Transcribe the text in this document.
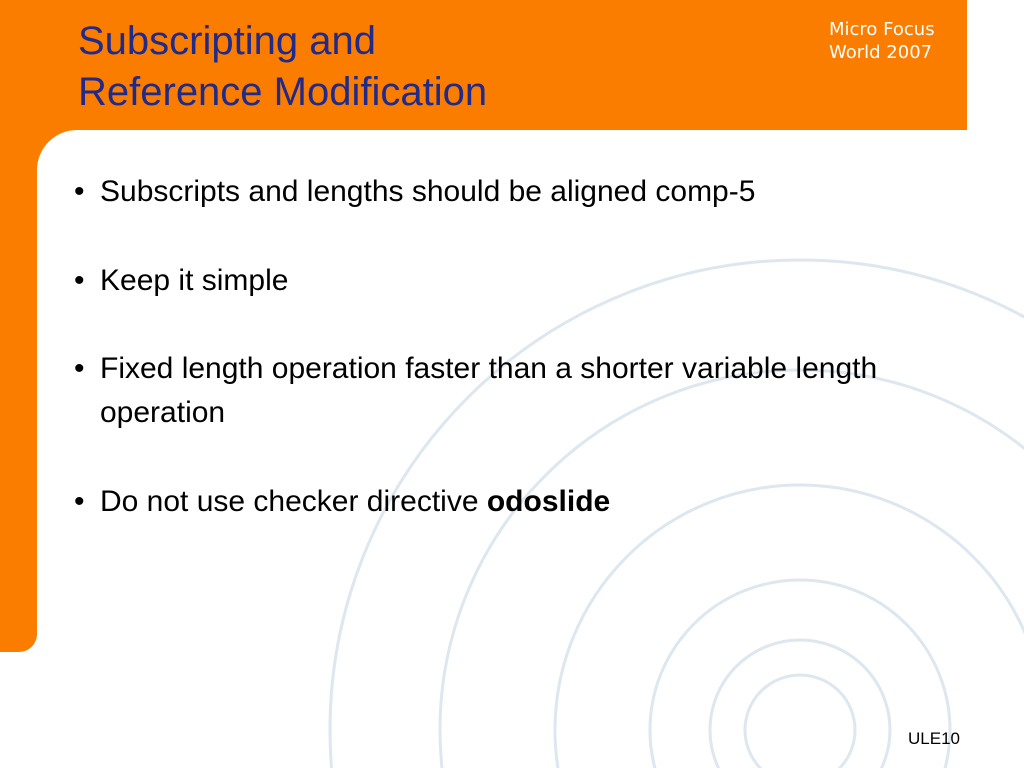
Subscripting and
Reference Modification
Micro Focus
World 2007
• Subscripts and lengths should be aligned comp-5
• Keep it simple
• Fixed length operation faster than a shorter variable length operation
• Do not use checker directive odoslide
ULE10
